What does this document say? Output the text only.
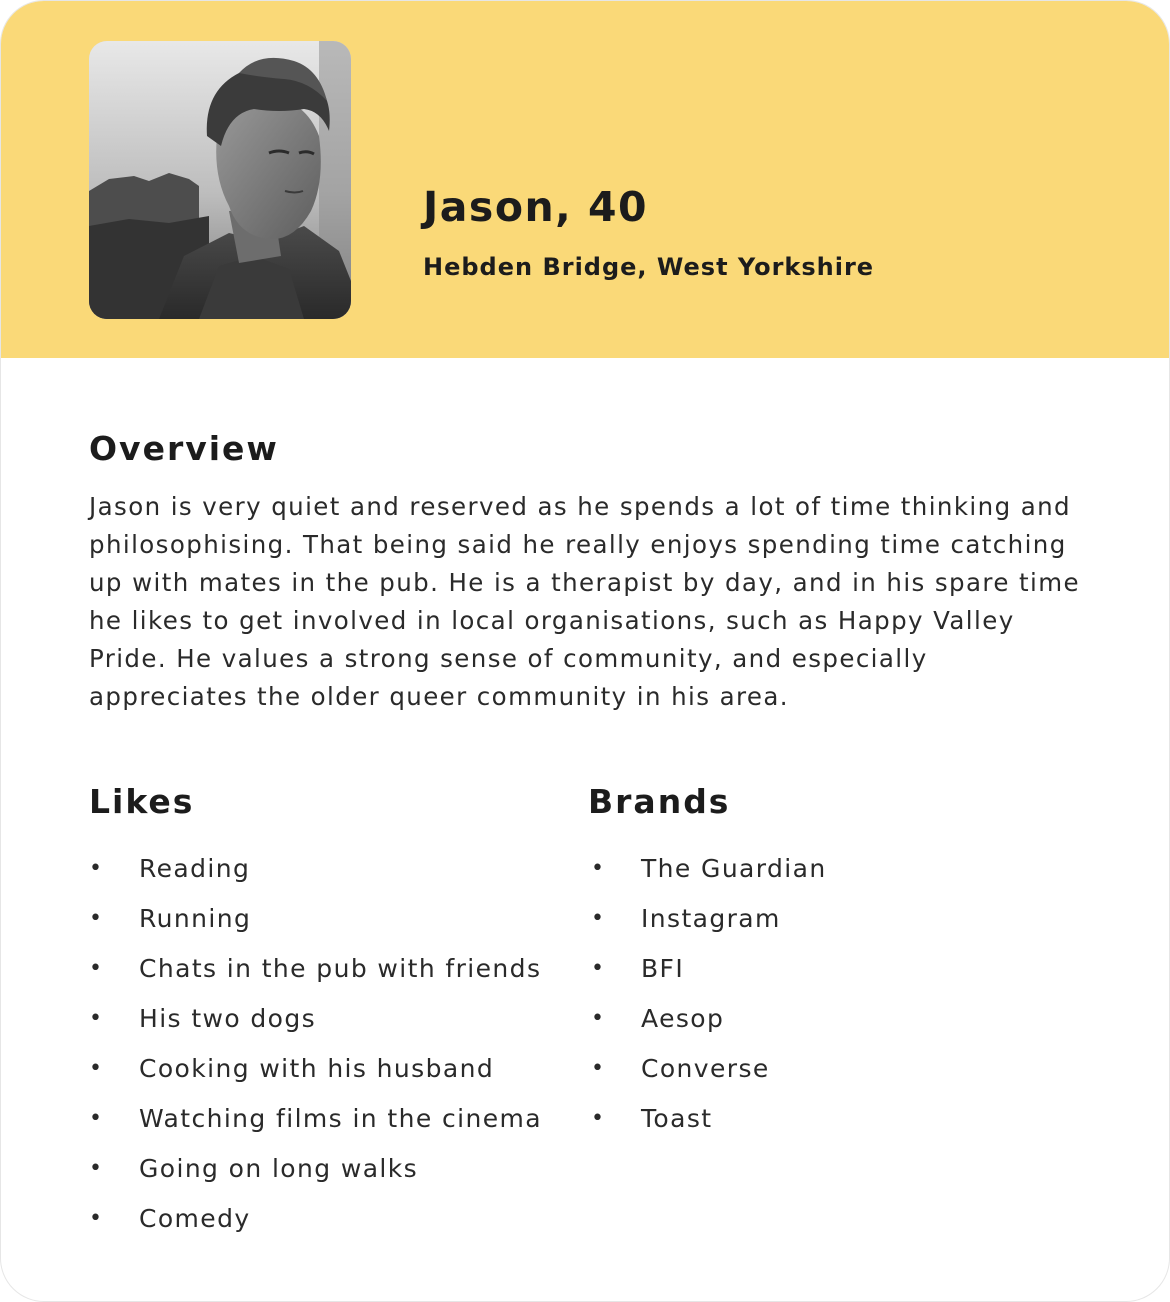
Jason, 40
Hebden Bridge, West Yorkshire
Overview

Jason is very quiet and reserved as he spends a lot of time thinking and philosophising. That being said he really enjoys spending time catching up with mates in the pub. He is a therapist by day, and in his spare time he likes to get involved in local organisations, such as Happy Valley Pride. He values a strong sense of community, and especially appreciates the older queer community in his area.

Likes
• Reading
• Running
• Chats in the pub with friends
• His two dogs
• Cooking with his husband
• Watching films in the cinema
• Going on long walks
• Comedy
Brands
• The Guardian
• Instagram
• BFI
• Aesop
• Converse
• Toast
